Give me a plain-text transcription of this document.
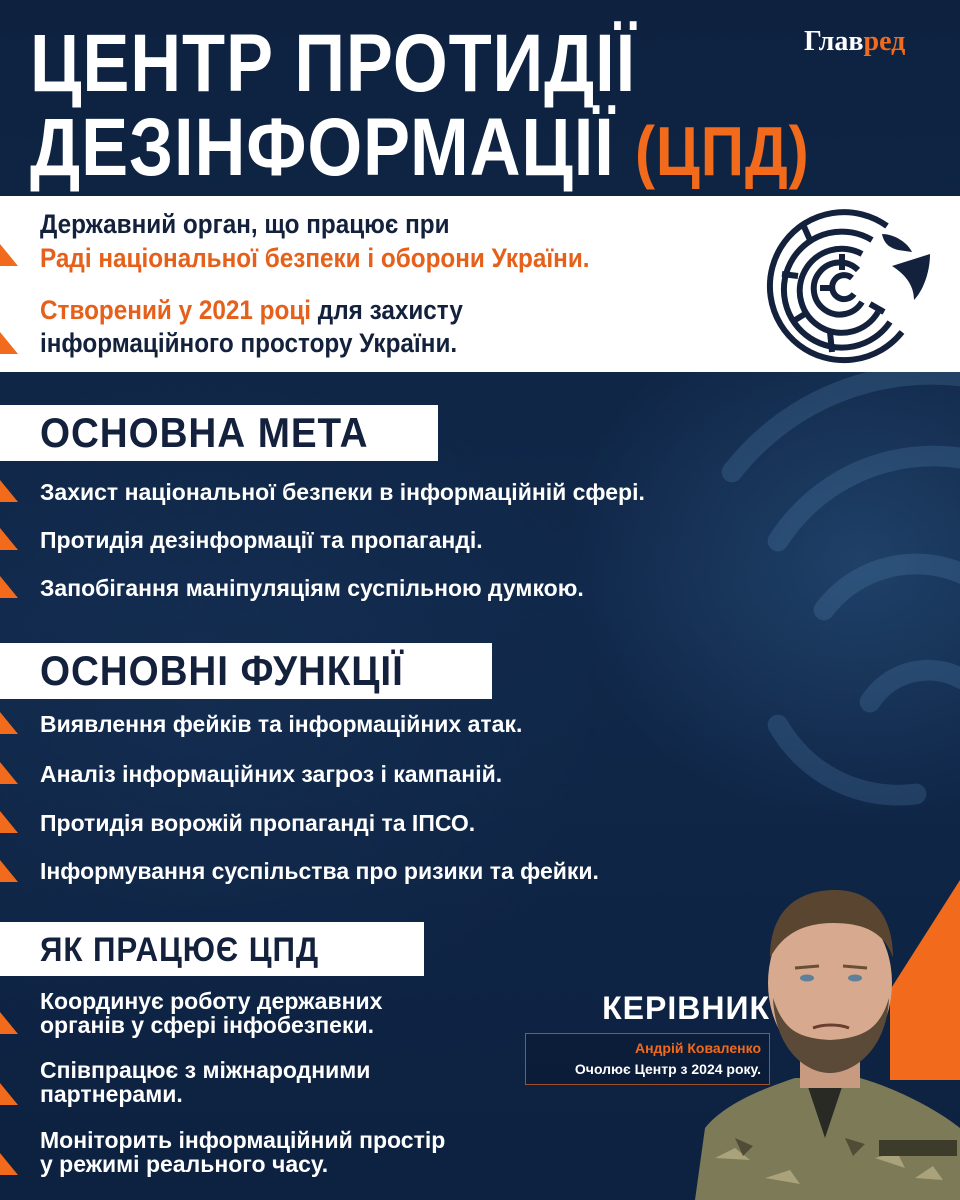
ЦЕНТР ПРОТИДІЇ
ДЕЗІНФОРМАЦІЇ (ЦПД)
Главред
Державний орган, що працює при
Раді національної безпеки і оборони України.
Створений у 2021 році для захисту
інформаційного простору України.
ОСНОВНА МЕТА
Захист національної безпеки в інформаційній сфері.
Протидія дезінформації та пропаганді.
Запобігання маніпуляціям суспільною думкою.
ОСНОВНІ ФУНКЦІЇ
Виявлення фейків та інформаційних атак.
Аналіз інформаційних загроз і кампаній.
Протидія ворожій пропаганді та ІПСО.
Інформування суспільства про ризики та фейки.
ЯК ПРАЦЮЄ ЦПД
Координує роботу державних
органів у сфері інфобезпеки.
Співпрацює з міжнародними
партнерами.
Моніторить інформаційний простір
у режимі реального часу.
КЕРІВНИК
Андрій Коваленко
Очолює Центр з 2024 року.
